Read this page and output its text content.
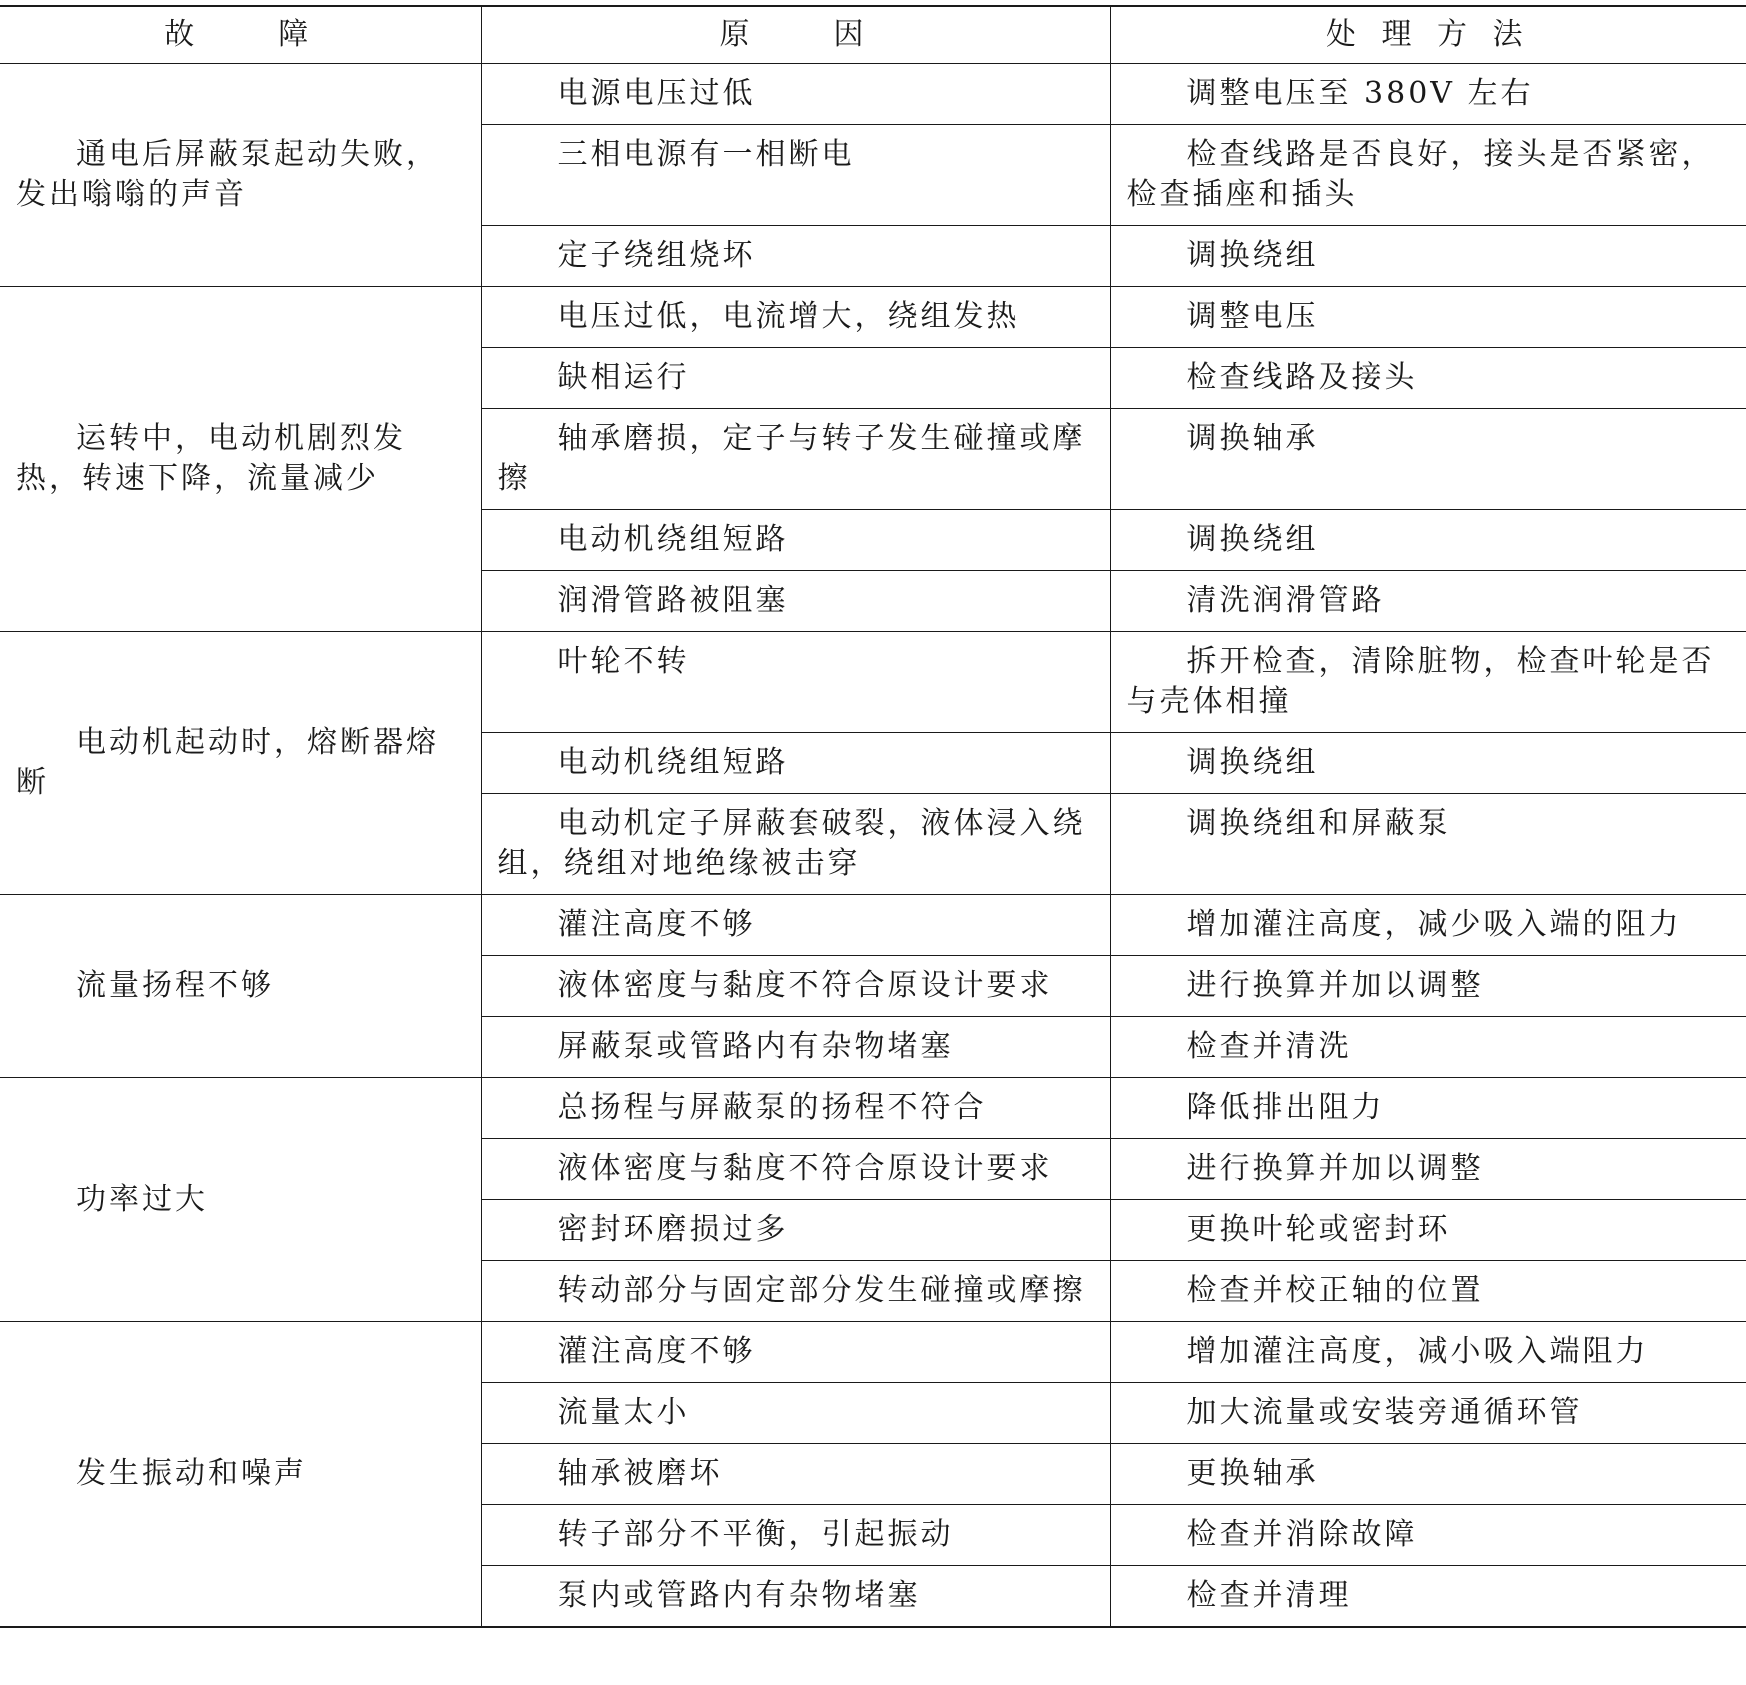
故　　障	原　　因	处 理 方 法

通电后屏蔽泵起动失败，发出嗡嗡的声音	电源电压过低	调整电压至 380V 左右

	三相电源有一相断电	检查线路是否良好，接头是否紧密，检查插座和插头

	定子绕组烧坏	调换绕组

运转中，电动机剧烈发热，转速下降，流量减少	电压过低，电流增大，绕组发热	调整电压

	缺相运行	检查线路及接头

	轴承磨损，定子与转子发生碰撞或摩擦	调换轴承

	电动机绕组短路	调换绕组

	润滑管路被阻塞	清洗润滑管路

电动机起动时，熔断器熔断	叶轮不转	拆开检查，清除脏物，检查叶轮是否与壳体相撞

	电动机绕组短路	调换绕组

	电动机定子屏蔽套破裂，液体浸入绕组，绕组对地绝缘被击穿	调换绕组和屏蔽泵

流量扬程不够	灌注高度不够	增加灌注高度，减少吸入端的阻力

	液体密度与黏度不符合原设计要求	进行换算并加以调整

	屏蔽泵或管路内有杂物堵塞	检查并清洗

功率过大	总扬程与屏蔽泵的扬程不符合	降低排出阻力

	液体密度与黏度不符合原设计要求	进行换算并加以调整

	密封环磨损过多	更换叶轮或密封环

	转动部分与固定部分发生碰撞或摩擦	检查并校正轴的位置

发生振动和噪声	灌注高度不够	增加灌注高度，减小吸入端阻力

	流量太小	加大流量或安装旁通循环管

	轴承被磨坏	更换轴承

	转子部分不平衡，引起振动	检查并消除故障

	泵内或管路内有杂物堵塞	检查并清理
